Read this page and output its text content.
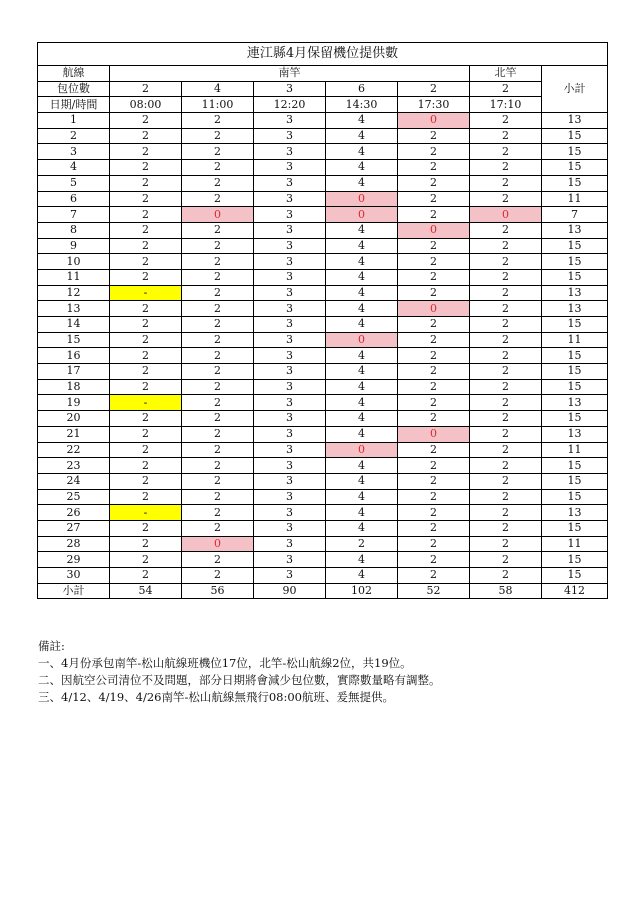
連江縣4月保留機位提供數							
航線	南竿					北竿	小計
包位數	2	4	3	6	2	2	
日期/時間	08:00	11:00	12:20	14:30	17:30	17:10	
1	2	2	3	4	0	2	13
2	2	2	3	4	2	2	15
3	2	2	3	4	2	2	15
4	2	2	3	4	2	2	15
5	2	2	3	4	2	2	15
6	2	2	3	0	2	2	11
7	2	0	3	0	2	0	7
8	2	2	3	4	0	2	13
9	2	2	3	4	2	2	15
10	2	2	3	4	2	2	15
11	2	2	3	4	2	2	15
12	-	2	3	4	2	2	13
13	2	2	3	4	0	2	13
14	2	2	3	4	2	2	15
15	2	2	3	0	2	2	11
16	2	2	3	4	2	2	15
17	2	2	3	4	2	2	15
18	2	2	3	4	2	2	15
19	-	2	3	4	2	2	13
20	2	2	3	4	2	2	15
21	2	2	3	4	0	2	13
22	2	2	3	0	2	2	11
23	2	2	3	4	2	2	15
24	2	2	3	4	2	2	15
25	2	2	3	4	2	2	15
26	-	2	3	4	2	2	13
27	2	2	3	4	2	2	15
28	2	0	3	2	2	2	11
29	2	2	3	4	2	2	15
30	2	2	3	4	2	2	15
小計	54	56	90	102	52	58	412
備註:
一、4月份承包南竿-松山航線班機位17位，北竿-松山航線2位，共19位。
二、因航空公司清位不及問題，部分日期將會減少包位數，實際數量略有調整。
三、4/12、4/19、4/26南竿-松山航線無飛行08:00航班、爰無提供。
